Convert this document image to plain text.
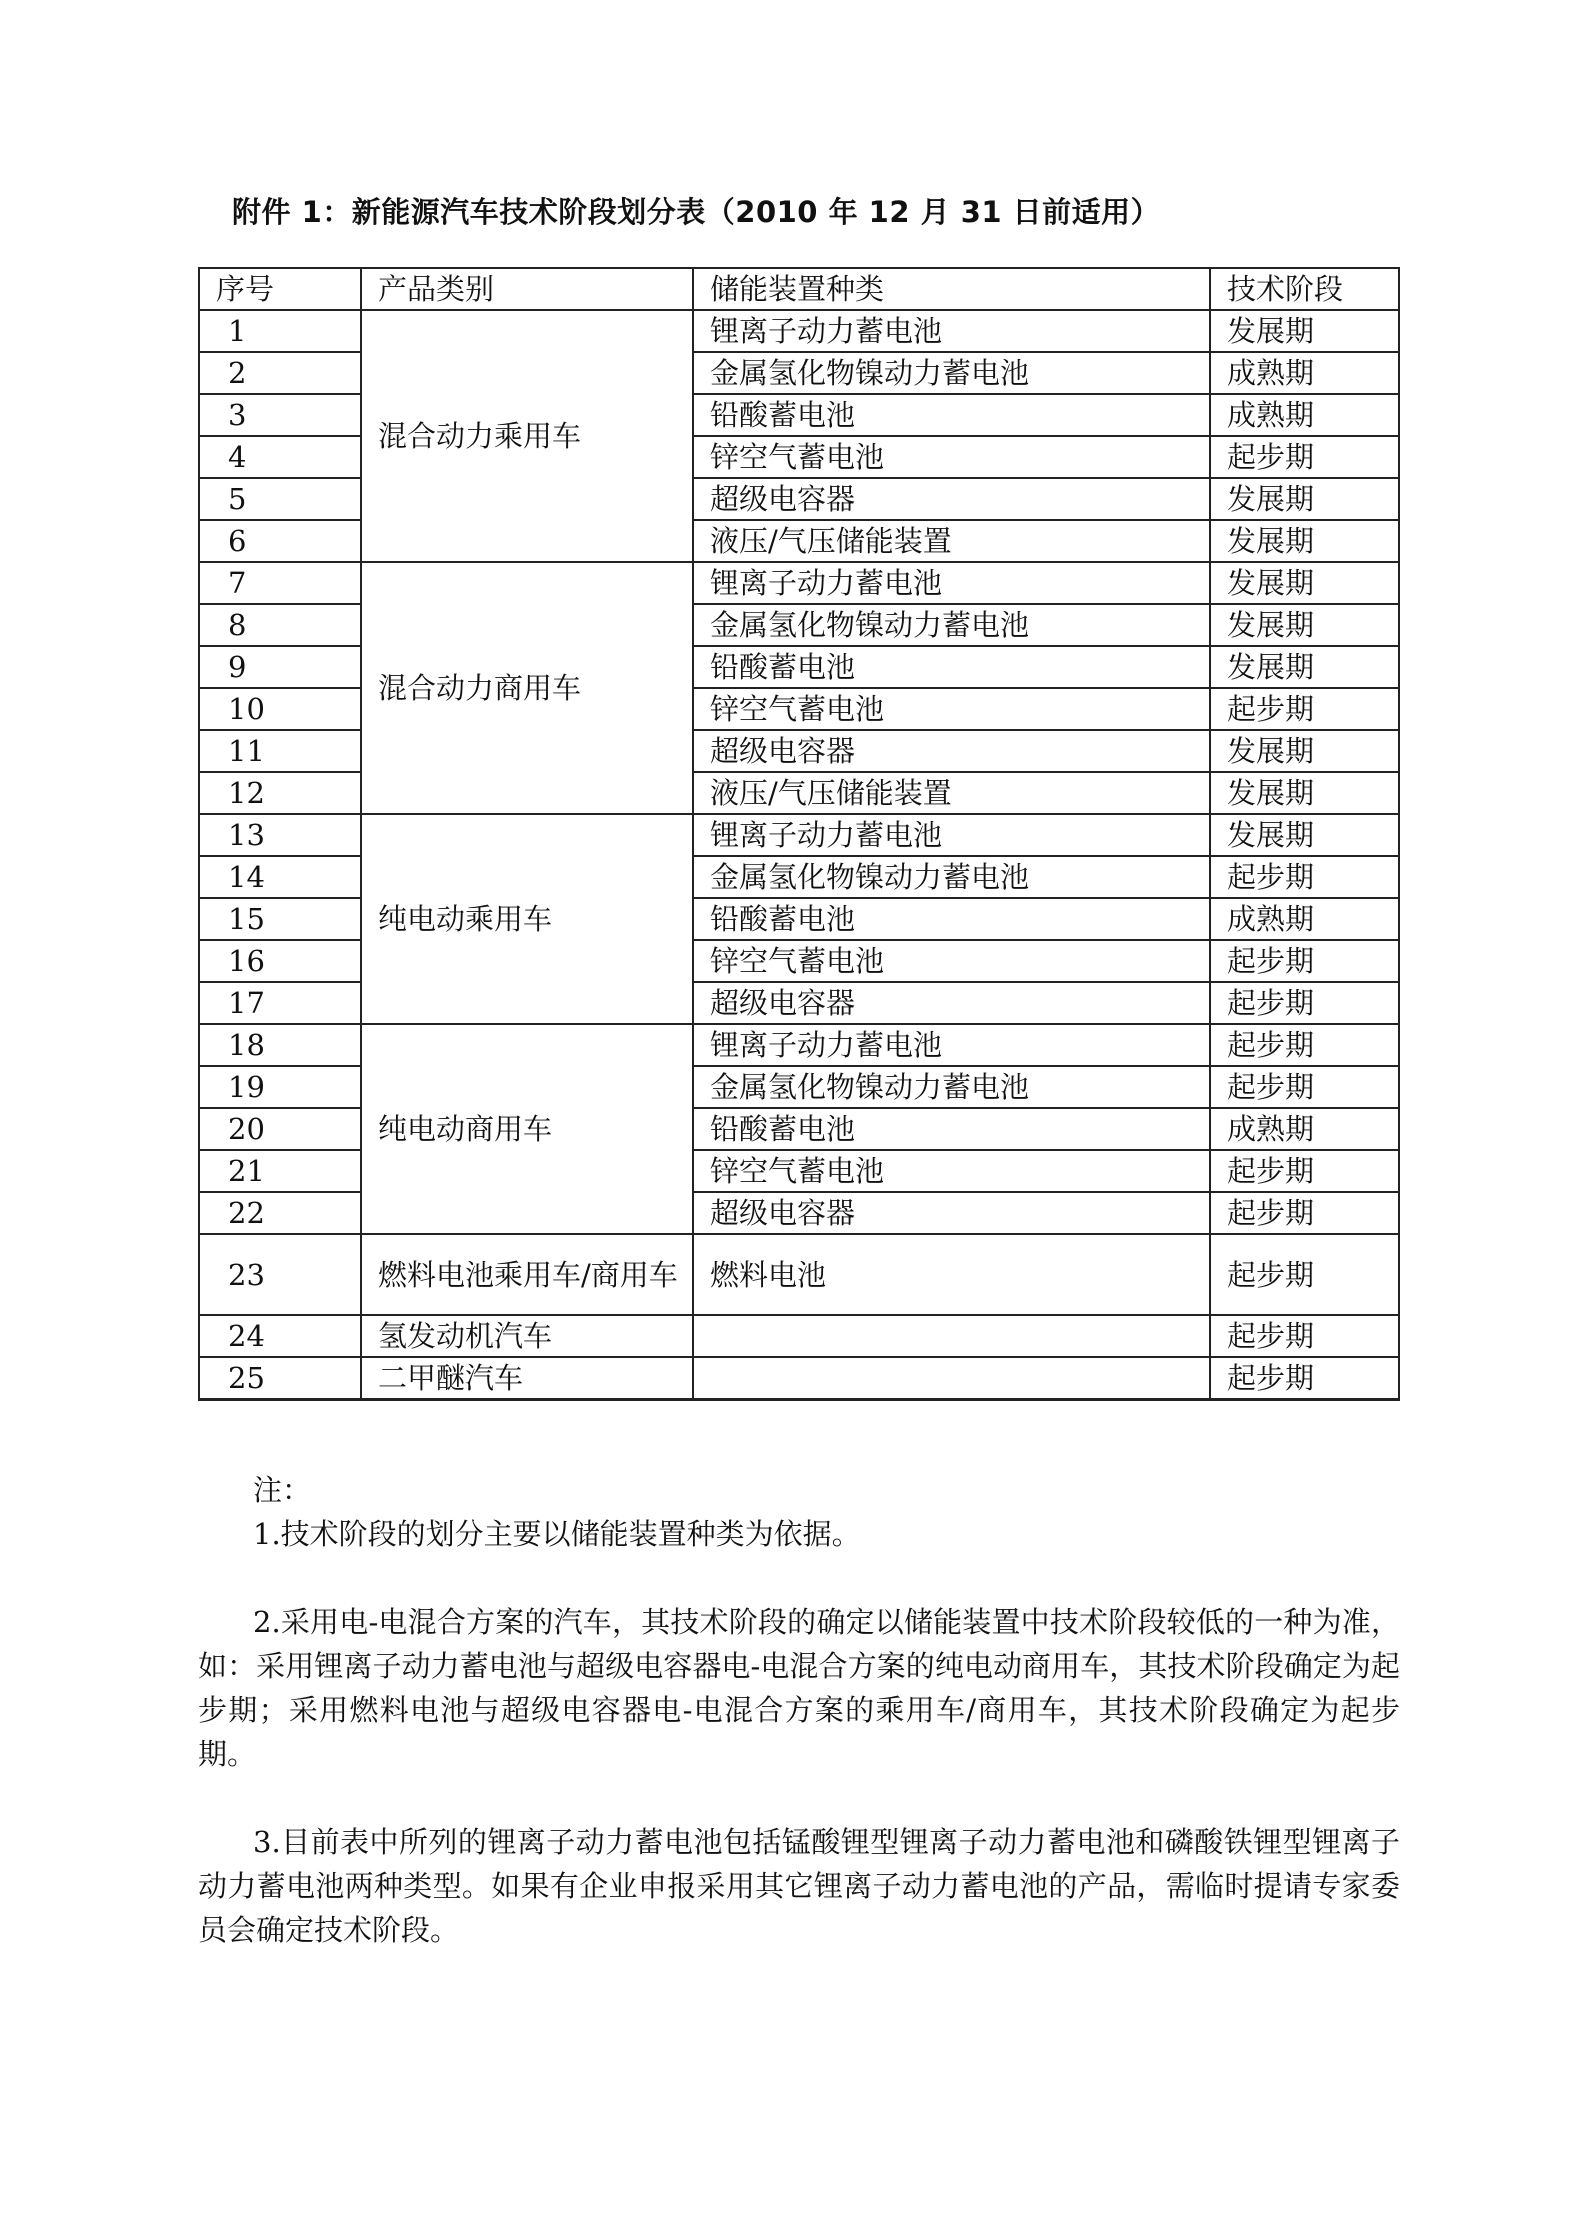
附件 1：新能源汽车技术阶段划分表（2010 年 12 月 31 日前适用）
序号	产品类别	储能装置种类	技术阶段
1	混合动力乘用车	锂离子动力蓄电池	发展期
2		金属氢化物镍动力蓄电池	成熟期
3		铅酸蓄电池	成熟期
4		锌空气蓄电池	起步期
5		超级电容器	发展期
6		液压/气压储能装置	发展期
7	混合动力商用车	锂离子动力蓄电池	发展期
8		金属氢化物镍动力蓄电池	发展期
9		铅酸蓄电池	发展期
10		锌空气蓄电池	起步期
11		超级电容器	发展期
12		液压/气压储能装置	发展期
13	纯电动乘用车	锂离子动力蓄电池	发展期
14		金属氢化物镍动力蓄电池	起步期
15		铅酸蓄电池	成熟期
16		锌空气蓄电池	起步期
17		超级电容器	起步期
18	纯电动商用车	锂离子动力蓄电池	起步期
19		金属氢化物镍动力蓄电池	起步期
20		铅酸蓄电池	成熟期
21		锌空气蓄电池	起步期
22		超级电容器	起步期
23	燃料电池乘用车/商用车	燃料电池	起步期
24	氢发动机汽车		起步期
25	二甲醚汽车		起步期

注：

1.技术阶段的划分主要以储能装置种类为依据。

2.采用电-电混合方案的汽车，其技术阶段的确定以储能装置中技术阶段较低的一种为准，如：采用锂离子动力蓄电池与超级电容器电-电混合方案的纯电动商用车，其技术阶段确定为起步期；采用燃料电池与超级电容器电-电混合方案的乘用车/商用车，其技术阶段确定为起步期。

3.目前表中所列的锂离子动力蓄电池包括锰酸锂型锂离子动力蓄电池和磷酸铁锂型锂离子动力蓄电池两种类型。如果有企业申报采用其它锂离子动力蓄电池的产品，需临时提请专家委员会确定技术阶段。
